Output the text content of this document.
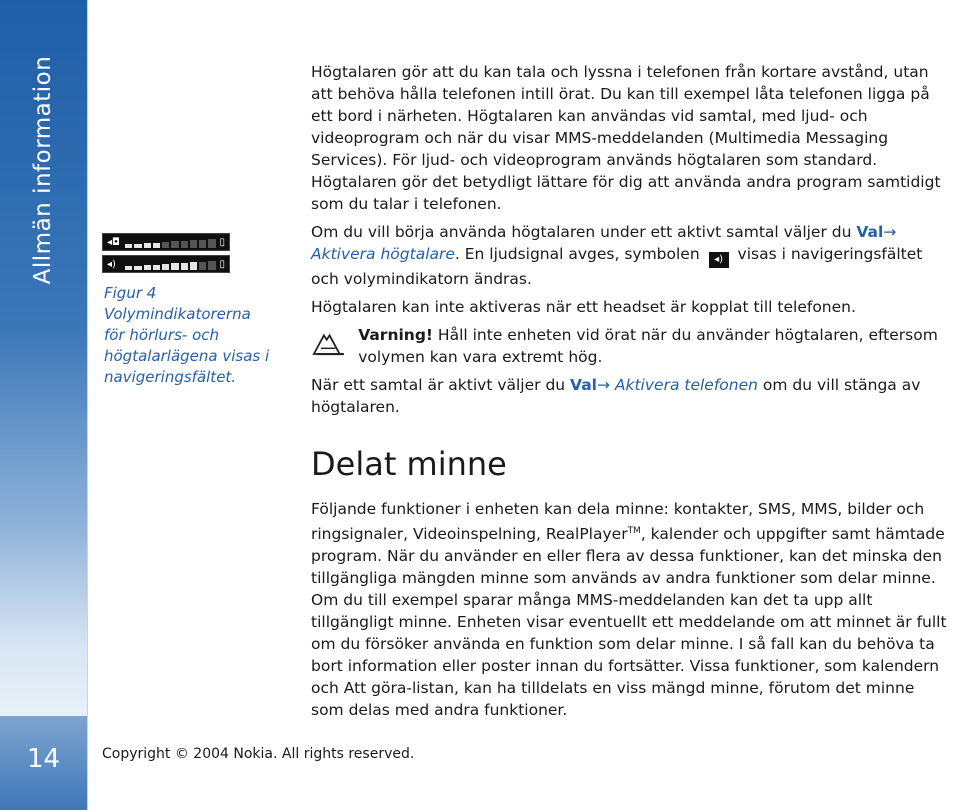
14
Allmän information	◂◘	▯
◂)	▯
Figur 4 Volymindikatorerna för hörlurs- och högtalarlägena visas i navigeringsfältet.

Högtalaren gör att du kan tala och lyssna i telefonen från kortare avstånd, utan att behöva hålla telefonen intill örat. Du kan till exempel låta telefonen ligga på ett bord i närheten. Högtalaren kan användas vid samtal, med ljud- och videoprogram och när du visar MMS-meddelanden (Multimedia Messaging Services). För ljud- och videoprogram används högtalaren som standard. Högtalaren gör det betydligt lättare för dig att använda andra program samtidigt som du talar i telefonen.

Om du vill börja använda högtalaren under ett aktivt samtal väljer du Val→ Aktivera högtalare. En ljudsignal avges, symbolen ◂) visas i navigeringsfältet och volymindikatorn ändras.

Högtalaren kan inte aktiveras när ett headset är kopplat till telefonen.

Varning! Håll inte enheten vid örat när du använder högtalaren, eftersom volymen kan vara extremt hög.

När ett samtal är aktivt väljer du Val→ Aktivera telefonen om du vill stänga av högtalaren.

Delat minne

Följande funktioner i enheten kan dela minne: kontakter, SMS, MMS, bilder och ringsignaler, Videoinspelning, RealPlayer™, kalender och uppgifter samt hämtade program. När du använder en eller flera av dessa funktioner, kan det minska den tillgängliga mängden minne som används av andra funktioner som delar minne. Om du till exempel sparar många MMS-meddelanden kan det ta upp allt tillgängligt minne. Enheten visar eventuellt ett meddelande om att minnet är fullt om du försöker använda en funktion som delar minne. I så fall kan du behöva ta bort information eller poster innan du fortsätter. Vissa funktioner, som kalendern och Att göra-listan, kan ha tilldelats en viss mängd minne, förutom det minne som delas med andra funktioner.

Copyright © 2004 Nokia. All rights reserved.
